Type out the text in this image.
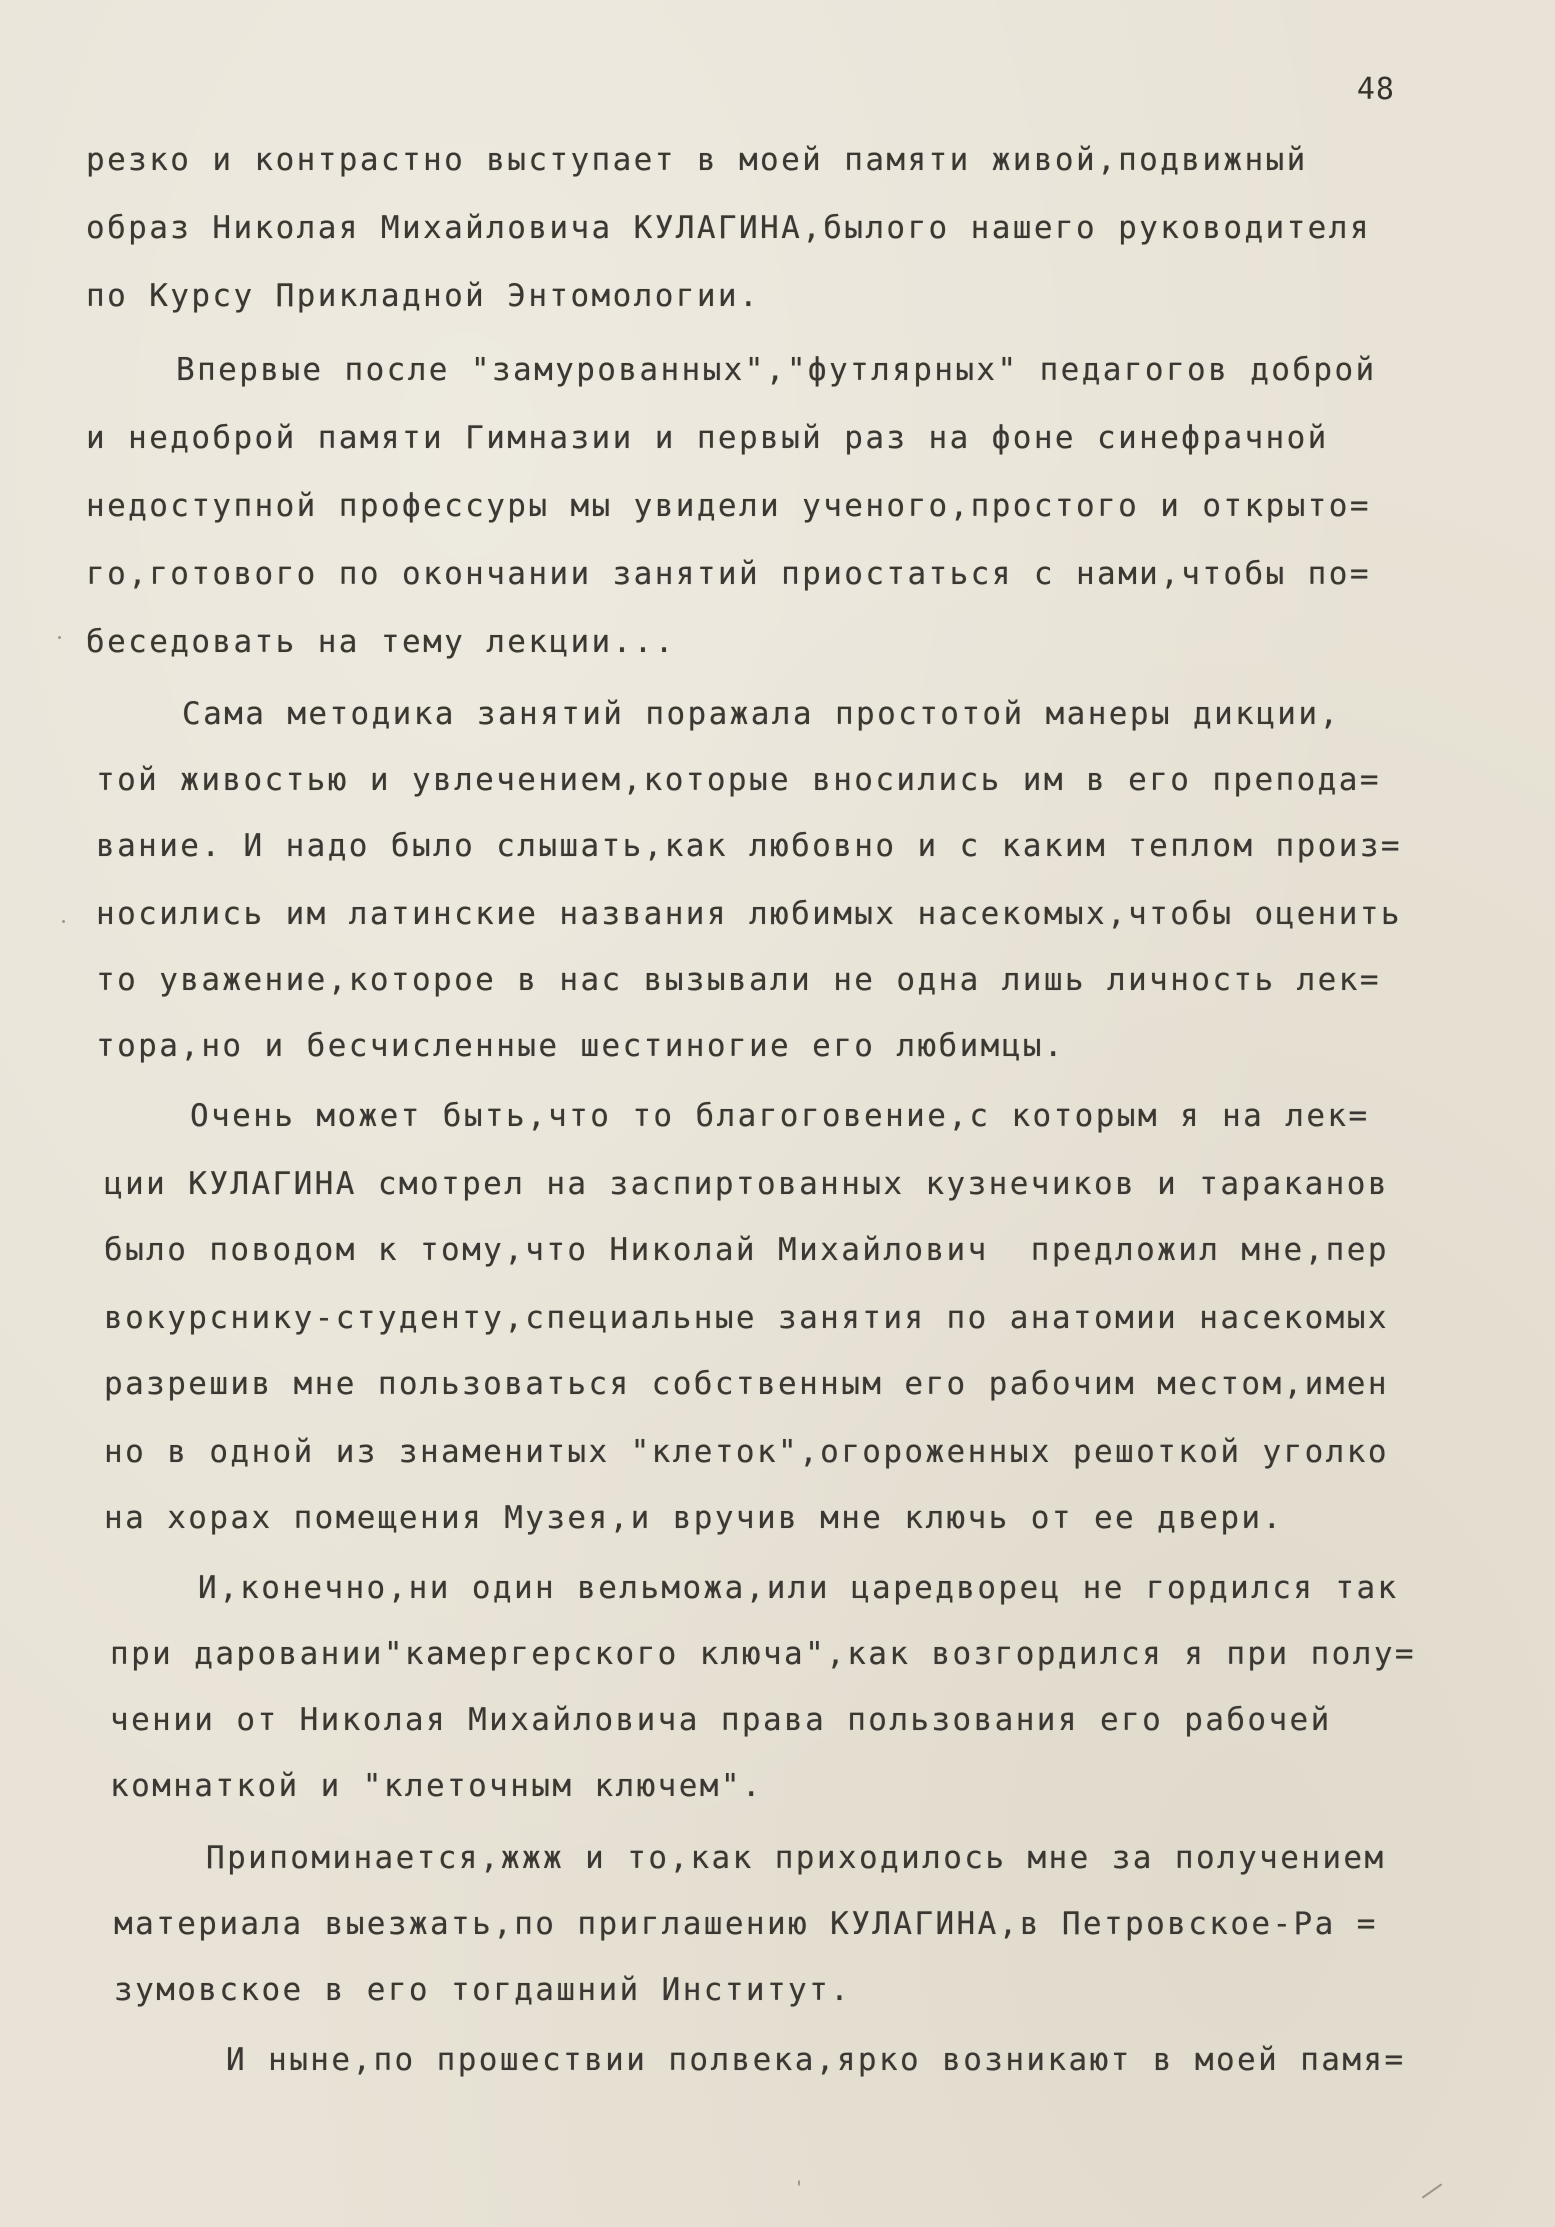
48
резко и контрастно выступает в моей памяти живой,подвижный
образ Николая Михайловича КУЛАГИНА,былого нашего руководителя
по Курсу Прикладной Энтомологии.
Впервые после "замурованных","футлярных" педагогов доброй
и недоброй памяти Гимназии и первый раз на фоне синефрачной
недоступной профессуры мы увидели ученого,простого и открыто=
го,готового по окончании занятий приостаться с нами,чтобы по=
беседовать на тему лекции...
Сама методика занятий поражала простотой манеры дикции,
той живостью и увлечением,которые вносились им в его препода=
вание. И надо было слышать,как любовно и с каким теплом произ=
носились им латинские названия любимых насекомых,чтобы оценить
то уважение,которое в нас вызывали не одна лишь личность лек=
тора,но и бесчисленные шестиногие его любимцы.
Очень может быть,что то благоговение,с которым я на лек=
ции КУЛАГИНА смотрел на заспиртованных кузнечиков и тараканов
было поводом к тому,что Николай Михайлович  предложил мне,пер
вокурснику-студенту,специальные занятия по анатомии насекомых
разрешив мне пользоваться собственным его рабочим местом,имен
но в одной из знаменитых "клеток",огороженных решоткой уголко
на хорах помещения Музея,и вручив мне ключь от ее двери.
И,конечно,ни один вельможа,или царедворец не гордился так
при даровании"камергерского ключа",как возгордился я при полу=
чении от Николая Михайловича права пользования его рабочей
комнаткой и "клеточным ключем".
Припоминается,жжж и то,как приходилось мне за получением
материала выезжать,по приглашению КУЛАГИНА,в Петровское-Ра =
зумовское в его тогдашний Институт.
И ныне,по прошествии полвека,ярко возникают в моей памя=
